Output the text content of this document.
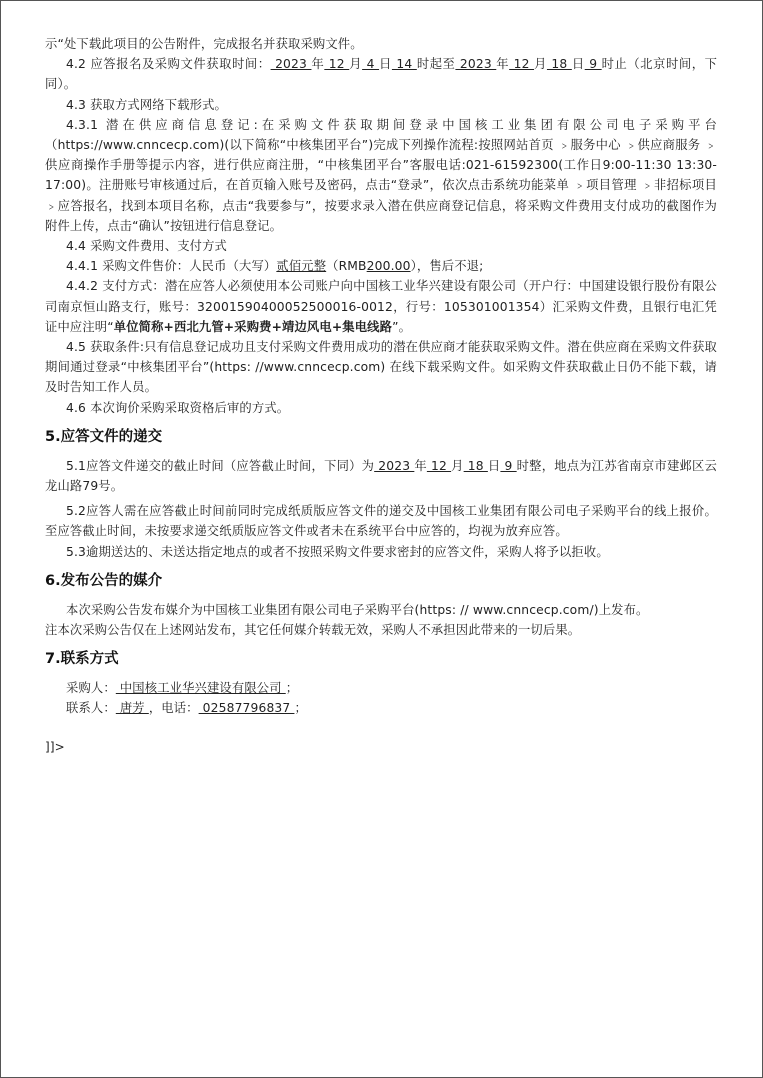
示“处下载此项目的公告附件，完成报名并获取采购文件。

4.2 应答报名及采购文件获取时间： 2023 年 12 月 4 日 14 时起至 2023 年 12 月 18 日 9 时止（北京时间，下同）。

4.3 获取方式网络下载形式。

4.3.1 潜在供应商信息登记:在采购文件获取期间登录中国核工业集团有限公司电子采购平台（https://www.cnncecp.com)(以下简称“中核集团平台”)完成下列操作流程:按照网站首页 ﹥服务中心 ﹥供应商服务 ﹥供应商操作手册等提示内容，进行供应商注册，“中核集团平台”客服电话:021-61592300(工作日9:00-11:30 13:30-17:00)。注册账号审核通过后，在首页输入账号及密码，点击“登录”，依次点击系统功能菜单 ﹥项目管理 ﹥非招标项目 ﹥应答报名，找到本项目名称，点击“我要参与”，按要求录入潜在供应商登记信息，将采购文件费用支付成功的截图作为附件上传，点击“确认”按钮进行信息登记。

4.4 采购文件费用、支付方式

4.4.1 采购文件售价：人民币（大写）贰佰元整（RMB200.00），售后不退;

4.4.2 支付方式：潜在应答人必须使用本公司账户向中国核工业华兴建设有限公司（开户行：中国建设银行股份有限公司南京恒山路支行，账号：32001590400052500016-0012，行号：105301001354）汇采购文件费，且银行电汇凭证中应注明“单位简称+西北九管+采购费+靖边风电+集电线路”。

4.5 获取条件:只有信息登记成功且支付采购文件费用成功的潜在供应商才能获取采购文件。潜在供应商在采购文件获取期间通过登录“中核集团平台”(https: //www.cnncecp.com) 在线下载采购文件。如采购文件获取截止日仍不能下载，请及时告知工作人员。

4.6 本次询价采购采取资格后审的方式。

5.应答文件的递交

5.1应答文件递交的截止时间（应答截止时间，下同）为 2023 年 12 月 18 日 9 时整，地点为江苏省南京市建邺区云龙山路79号。

5.2应答人需在应答截止时间前同时完成纸质版应答文件的递交及中国核工业集团有限公司电子采购平台的线上报价。至应答截止时间，未按要求递交纸质版应答文件或者未在系统平台中应答的，均视为放弃应答。

5.3逾期送达的、未送达指定地点的或者不按照采购文件要求密封的应答文件，采购人将予以拒收。

6.发布公告的媒介

本次采购公告发布媒介为中国核工业集团有限公司电子采购平台(https: // www.cnncecp.com/)上发布。

注本次采购公告仅在上述网站发布，其它任何媒介转载无效，采购人不承担因此带来的一切后果。

7.联系方式

采购人： 中国核工业华兴建设有限公司 ；

联系人： 唐芳 ，电话： 02587796837 ；

]]>
